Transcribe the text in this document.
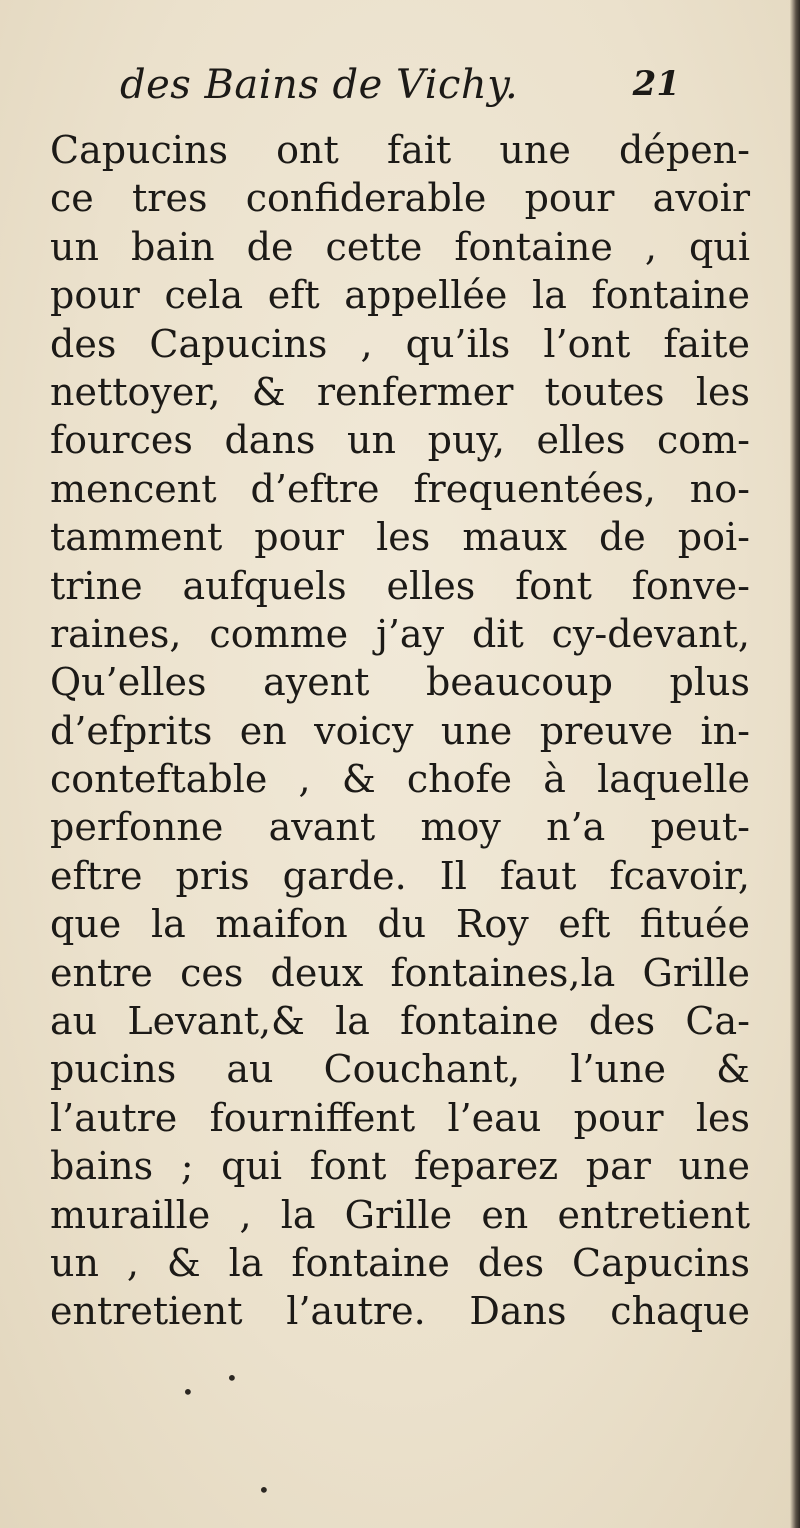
des Bains de Vichy.	21
Capucins ont fait une dépen-
ce tres confiderable pour avoir
un bain de cette fontaine , qui
pour cela eft appellée la fontaine
des Capucins , qu’ils l’ont faite
nettoyer, & renfermer toutes les
fources dans un puy, elles com-
mencent d’eftre frequentées, no-
tamment pour les maux de poi-
trine aufquels elles font fonve-
raines, comme j’ay dit cy-devant,
Qu’elles ayent beaucoup plus
d’efprits en voicy une preuve in-
conteftable , & chofe à laquelle
perfonne avant moy n’a peut-
eftre pris garde. Il faut fcavoir,
que la maifon du Roy eft fituée
entre ces deux fontaines,la Grille
au Levant,& la fontaine des Ca-
pucins au Couchant, l’une &
l’autre fourniffent l’eau pour les
bains ; qui font feparez par une
muraille , la Grille en entretient
un , & la fontaine des Capucins
entretient l’autre. Dans chaque
•
•
•
